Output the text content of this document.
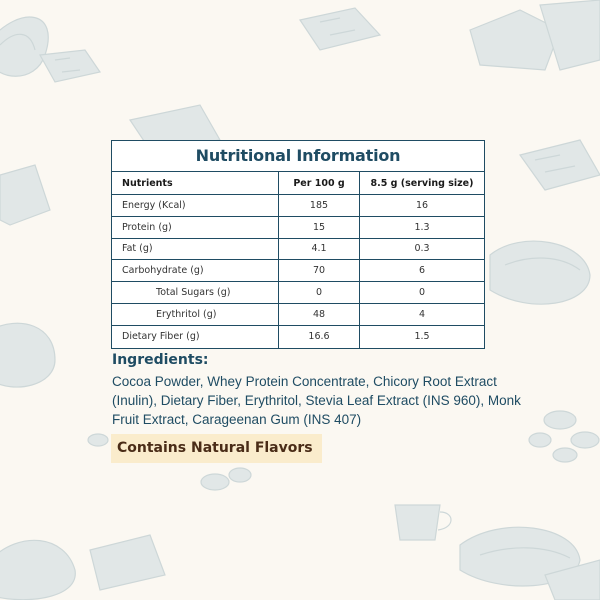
Nutritional Information
Nutrients	Per 100 g	8.5 g (serving size)
Energy (Kcal)	185	16
Protein (g)	15	1.3
Fat (g)	4.1	0.3
Carbohydrate (g)	70	6
Total Sugars (g)	0	0
Erythritol (g)	48	4
Dietary Fiber (g)	16.6	1.5
Ingredients:
Cocoa Powder, Whey Protein Concentrate, Chicory Root Extract (Inulin), Dietary Fiber, Erythritol, Stevia Leaf Extract (INS 960), Monk Fruit Extract, Carageenan Gum (INS 407)
Contains Natural Flavors
